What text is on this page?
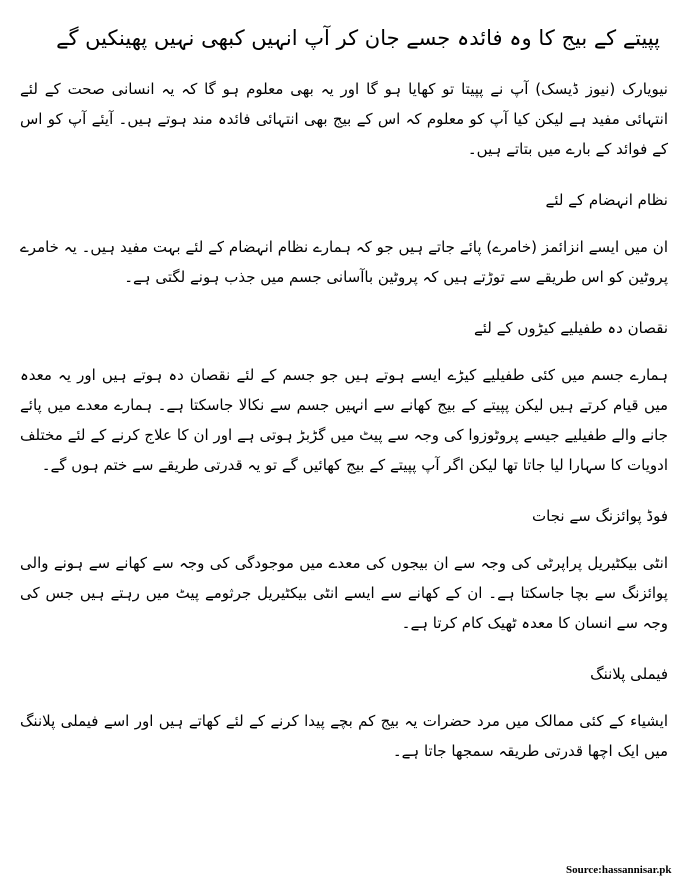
پپیتے کے بیج کا وہ فائدہ جسے جان کر آپ انہیں کبھی نہیں پھینکیں گے

نیویارک (نیوز ڈیسک) آپ نے پپیتا تو کھایا ہو گا اور یہ بھی معلوم ہو گا کہ یہ انسانی صحت کے لئے انتہائی مفید ہے لیکن کیا آپ کو معلوم کہ اس کے بیج بھی انتہائی فائدہ مند ہوتے ہیں۔ آیئے آپ کو اس کے فوائد کے بارے میں بتاتے ہیں۔

نظام انہضام کے لئے

ان میں ایسے انزائمز (خامرے) پائے جاتے ہیں جو کہ ہمارے نظام انہضام کے لئے بہت مفید ہیں۔ یہ خامرے پروٹین کو اس طریقے سے توڑتے ہیں کہ پروٹین باآسانی جسم میں جذب ہونے لگتی ہے۔

نقصان دہ طفیلیے کیڑوں کے لئے

ہمارے جسم میں کئی طفیلیے کیڑے ایسے ہوتے ہیں جو جسم کے لئے نقصان دہ ہوتے ہیں اور یہ معدہ میں قیام کرتے ہیں لیکن پپیتے کے بیج کھانے سے انہیں جسم سے نکالا جاسکتا ہے۔ ہمارے معدے میں پائے جانے والے طفیلیے جیسے پروٹوزوا کی وجہ سے پیٹ میں گڑبڑ ہوتی ہے اور ان کا علاج کرنے کے لئے مختلف ادویات کا سہارا لیا جاتا تھا لیکن اگر آپ پپیتے کے بیج کھائیں گے تو یہ قدرتی طریقے سے ختم ہوں گے۔

فوڈ پوائزنگ سے نجات

انٹی بیکٹیریل پراپرٹی کی وجہ سے ان بیجوں کی معدے میں موجودگی کی وجہ سے کھانے سے ہونے والی پوائزنگ سے بچا جاسکتا ہے۔ ان کے کھانے سے ایسے انٹی بیکٹیریل جرثومے پیٹ میں رہتے ہیں جس کی وجہ سے انسان کا معدہ ٹھیک کام کرتا ہے۔

فیملی پلاننگ

ایشیاء کے کئی ممالک میں مرد حضرات یہ بیج کم بچے پیدا کرنے کے لئے کھاتے ہیں اور اسے فیملی پلاننگ میں ایک اچھا قدرتی طریقہ سمجھا جاتا ہے۔

Source:hassannisar.pk
